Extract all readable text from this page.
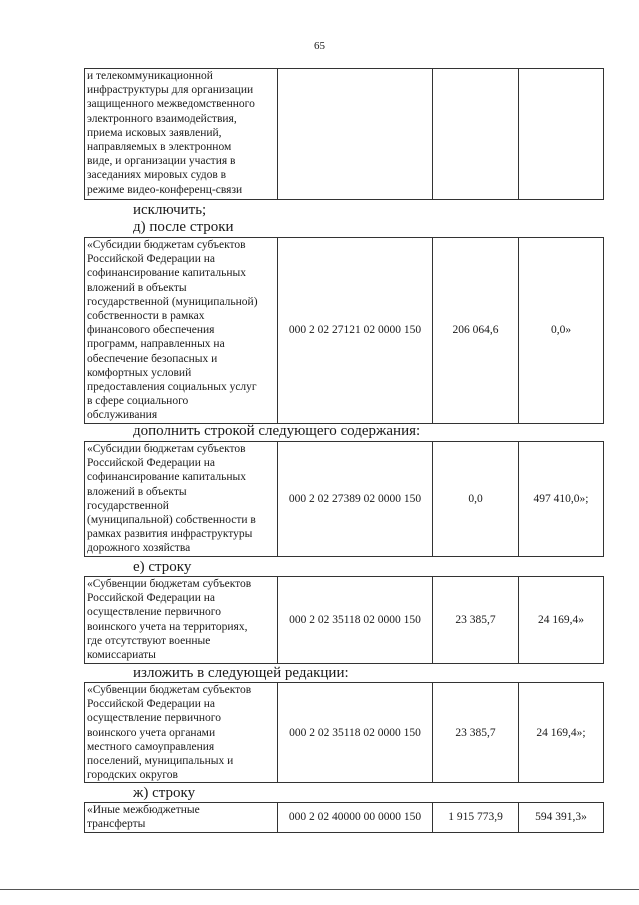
65
и телекоммуникационной
инфраструктуры для организации
защищенного межведомственного
электронного взаимодействия,
приема исковых заявлений,
направляемых в электронном
виде, и организации участия в
заседаниях мировых судов в
режиме видео-конференц-связи

исключить;
д) после строки
«Субсидии бюджетам субъектов
Российской Федерации на
софинансирование капитальных
вложений в объекты
государственной (муниципальной)
собственности в рамках
финансового обеспечения
программ, направленных на
обеспечение безопасных и
комфортных условий
предоставления социальных услуг
в сфере социального
обслуживания
	000 2 02 27121 02 0000 150	206 064,6	0,0»
дополнить строкой следующего содержания:
«Субсидии бюджетам субъектов
Российской Федерации на
софинансирование капитальных
вложений в объекты
государственной
(муниципальной) собственности в
рамках развития инфраструктуры
дорожного хозяйства
	000 2 02 27389 02 0000 150	0,0	497 410,0»;
е) строку
«Субвенции бюджетам субъектов
Российской Федерации на
осуществление первичного
воинского учета на территориях,
где отсутствуют военные
комиссариаты
	000 2 02 35118 02 0000 150	23 385,7	24 169,4»
изложить в следующей редакции:
«Субвенции бюджетам субъектов
Российской Федерации на
осуществление первичного
воинского учета органами
местного самоуправления
поселений, муниципальных и
городских округов
	000 2 02 35118 02 0000 150	23 385,7	24 169,4»;
ж) строку
«Иные межбюджетные
трансферты
	000 2 02 40000 00 0000 150	1 915 773,9	594 391,3»
